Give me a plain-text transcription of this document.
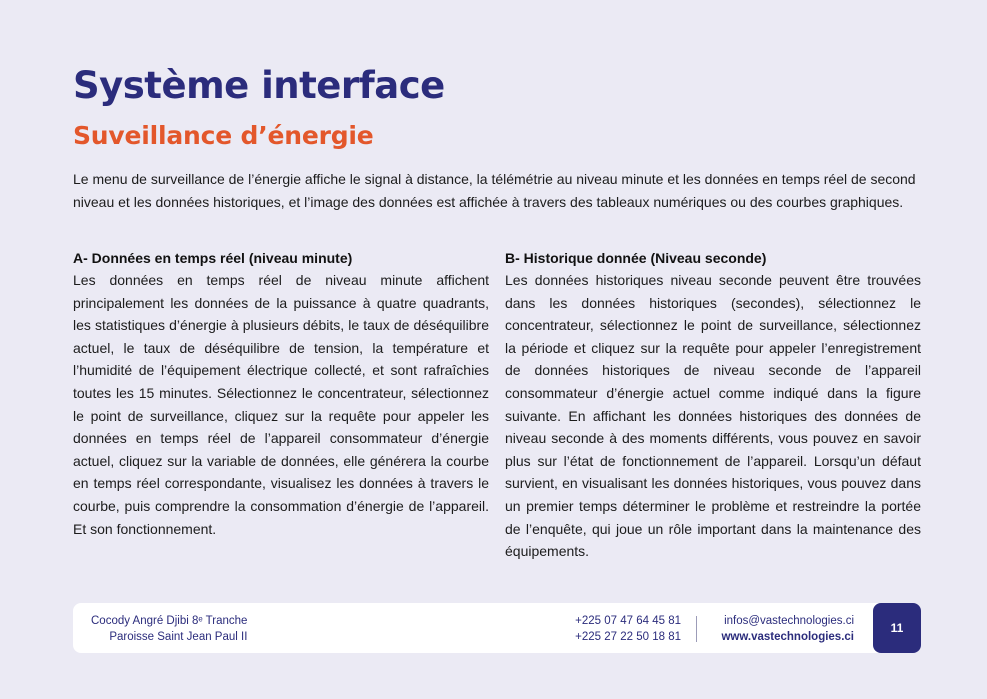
Système interface
Suveillance d’énergie

Le menu de surveillance de l’énergie affiche le signal à distance, la télémétrie au niveau minute et les données en temps réel de second niveau et les données historiques, et l’image des données est affichée à travers des tableaux numériques ou des courbes graphiques.

A- Données en temps réel (niveau minute)

Les données en temps réel de niveau minute affichent principalement les données de la puissance à quatre quadrants, les statistiques d’énergie à plusieurs débits, le taux de déséquilibre actuel, le taux de déséquilibre de tension, la température et l’humidité de l’équipement électrique collecté, et sont rafraîchies toutes les 15 minutes. Sélectionnez le concentrateur, sélectionnez le point de surveillance, cliquez sur la requête pour appeler les données en temps réel de l’appareil consommateur d’énergie actuel, cliquez sur la variable de données, elle générera la courbe en temps réel correspondante, visualisez les données à travers le courbe, puis comprendre la consommation d’énergie de l’appareil. Et son fonctionnement.

B- Historique donnée (Niveau seconde)

Les données historiques niveau seconde peuvent être trouvées dans les données historiques (secondes), sélectionnez le concentrateur, sélectionnez le point de surveillance, sélectionnez la période et cliquez sur la requête pour appeler l’enregistrement de données historiques de niveau seconde de l’appareil consommateur d’énergie actuel comme indiqué dans la figure suivante. En affichant les données historiques des données de niveau seconde à des moments différents, vous pouvez en savoir plus sur l’état de fonctionnement de l’appareil. Lorsqu’un défaut survient, en visualisant les données historiques, vous pouvez dans un premier temps déterminer le problème et restreindre la portée de l’enquête, qui joue un rôle important dans la maintenance des équipements.

Cocody Angré Djibi 8ᵉ Tranche
Paroisse Saint Jean Paul II
+225 07 47 64 45 81
+225 27 22 50 18 81
infos@vastechnologies.ci
www.vastechnologies.ci
11
